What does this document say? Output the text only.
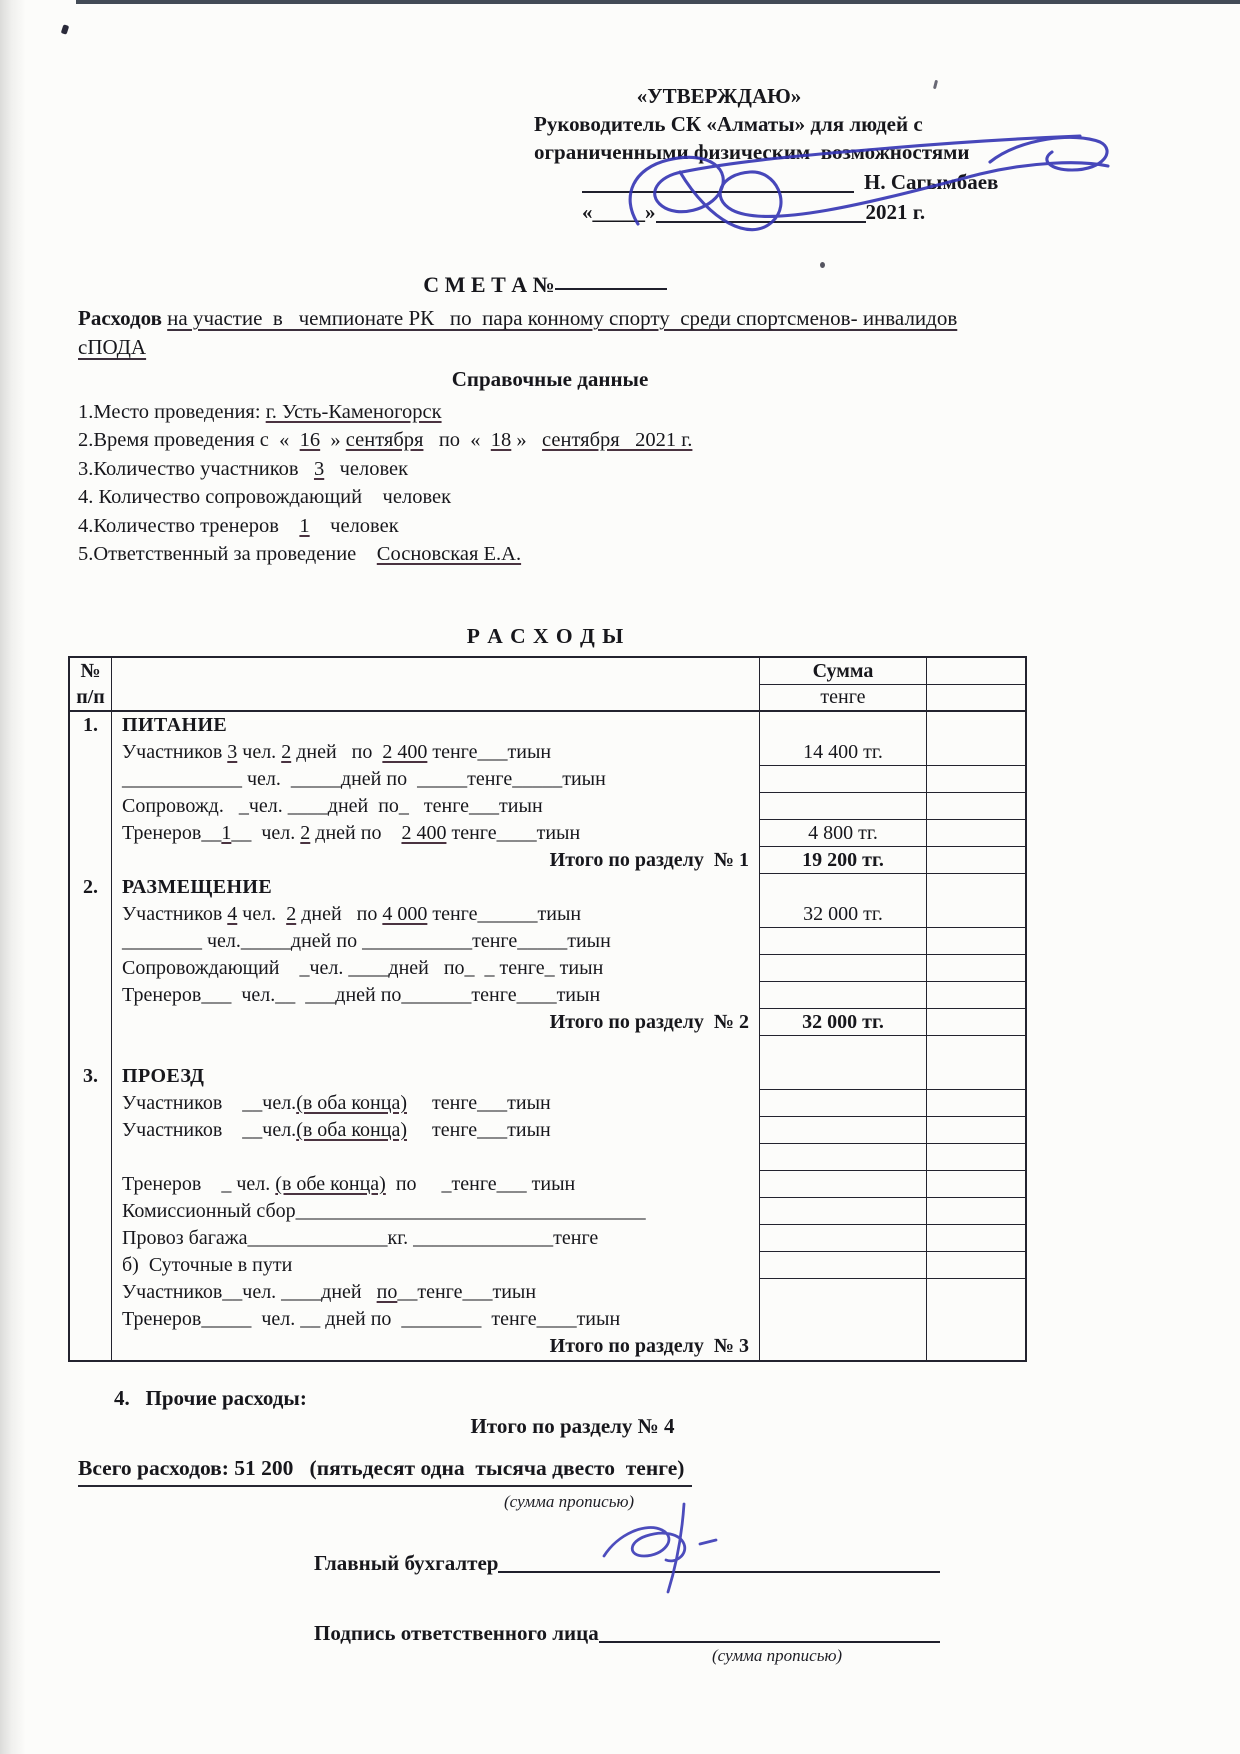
«УТВЕРЖДАЮ»
Руководитель СК «Алматы» для людей с
ограниченными физическим  возможностями
Н. Сагымбаев
«_____»	2021 г.
С М Е Т А №
Расходов на участие  в   чемпионате РК   по  пара конному спорту  среди спортсменов- инвалидов
сПОДА
Справочные данные
1.Место проведения: г. Усть-Каменогорск
2.Время проведения с  «  16  » сентября   по  «  18 »   сентября   2021 г.
3.Количество участников   3   человек
4. Количество сопровождающий    человек
4.Количество тренеров    1    человек
5.Ответственный за проведение    Сосновская Е.А.
Р А С Х О Д Ы
№	Сумма
п/п	тенге
1.	ПИТАНИЕ
Участников 3 чел. 2 дней   по 2 400 тенге___тиын	14 400 тг.
____________ чел.  _____дней по  _____тенге_____тиын
Сопровожд.   _чел. ____дней  по_   тенге___тиын
Тренеров__ 1 __  чел. 2 дней по 2 400 тенге____тиын	4 800 тг.
Итого по разделу  № 1	19 200 тг.
2.	РАЗМЕЩЕНИЕ
Участников 4 чел. 2 дней   по 4 000 тенге______тиын	32 000 тг.
________ чел._____дней по ___________тенге_____тиын
Сопровождающий    _чел. ____дней   по_  _ тенге_ тиын
Тренеров___  чел.__  ___дней по_______тенге____тиын
Итого по разделу  № 2	32 000 тг.
3.	ПРОЕЗД
Участников    __чел. (в оба конца) тенге___тиын
Участников    __чел. (в оба конца) тенге___тиын
Тренеров    _ чел. (в обе конца) по     _тенге___ тиын
Комиссионный сбор___________________________________
Провоз багажа______________кг. ______________тенге
б)  Суточные в пути
Участников__чел. ____дней по __тенге___тиын
Тренеров_____  чел. __ дней по  ________  тенге____тиын
Итого по разделу  № 3
4.   Прочие расходы:
Итого по разделу № 4
Всего расходов: 51 200   (пятьдесят одна  тысяча двесто  тенге)
(сумма прописью)
Главный бухгалтер
Подпись ответственного лица
(сумма прописью)
